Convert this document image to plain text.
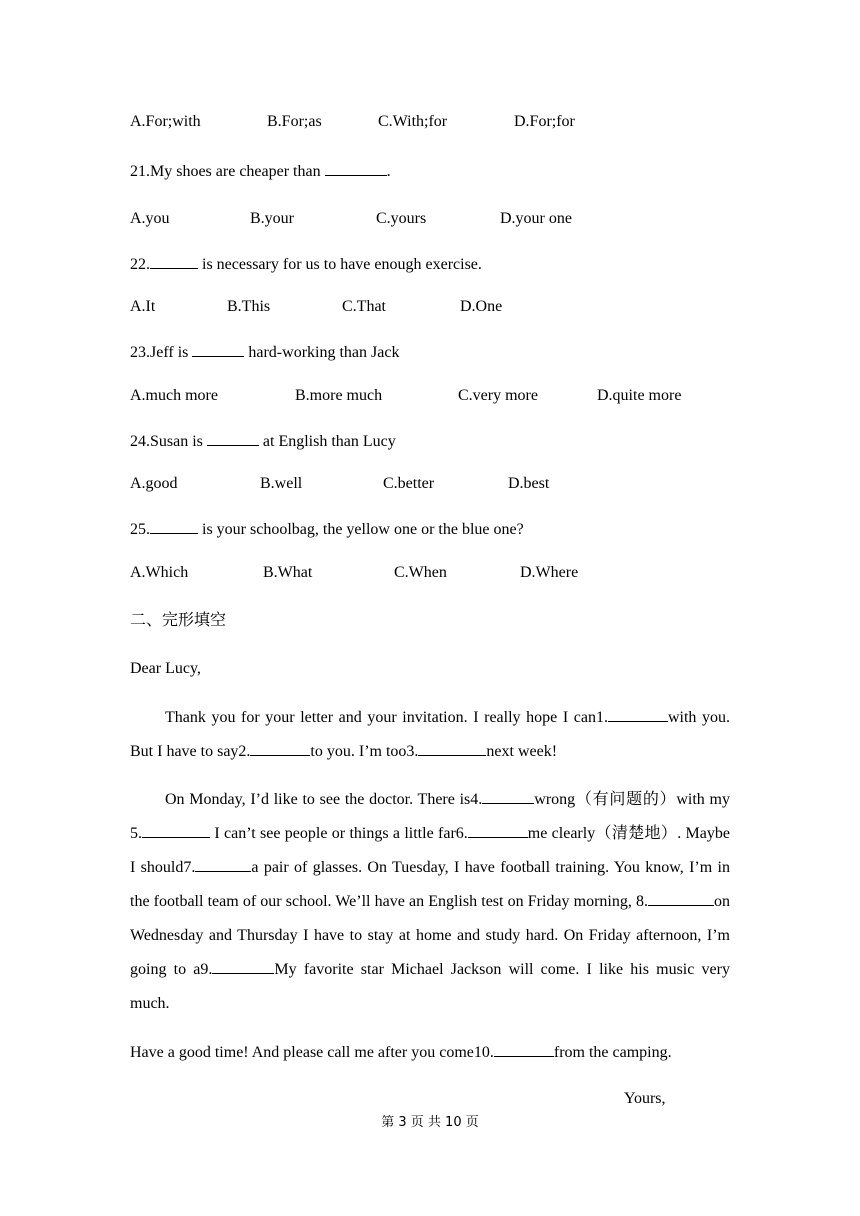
A.For;with	B.For;as	C.With;for	D.For;for
21.My shoes are cheaper than	.
A.you	B.your	C.yours	D.your one
22.	is necessary for us to have enough exercise.
A.It	B.This	C.That	D.One
23.Jeff is	hard-working than Jack
A.much more	B.more much	C.very more	D.quite more
24.Susan is	at English than Lucy
A.good	B.well	C.better	D.best
25.	is your schoolbag, the yellow one or the blue one?
A.Which	B.What	C.When	D.Where
二、完形填空
Dear Lucy,

Thank you for your letter and your invitation. I really hope I can1.	with you. But I have to say2.	to you. I’m too3.	next week!

On Monday, I’d like to see the doctor. There is4.	wrong（有问题的）with my 5.	I can’t see people or things a little far6.	me clearly（清楚地）. Maybe I should7.	a pair of glasses. On Tuesday, I have football training. You know, I’m in the football team of our school. We’ll have an English test on Friday morning, 8.	on Wednesday and Thursday I have to stay at home and study hard. On Friday afternoon, I’m going to a9.	My favorite star Michael Jackson will come. I like his music very much.

Have a good time! And please call me after you come10.	from the camping.
Yours,
第 3 页 共 10 页
